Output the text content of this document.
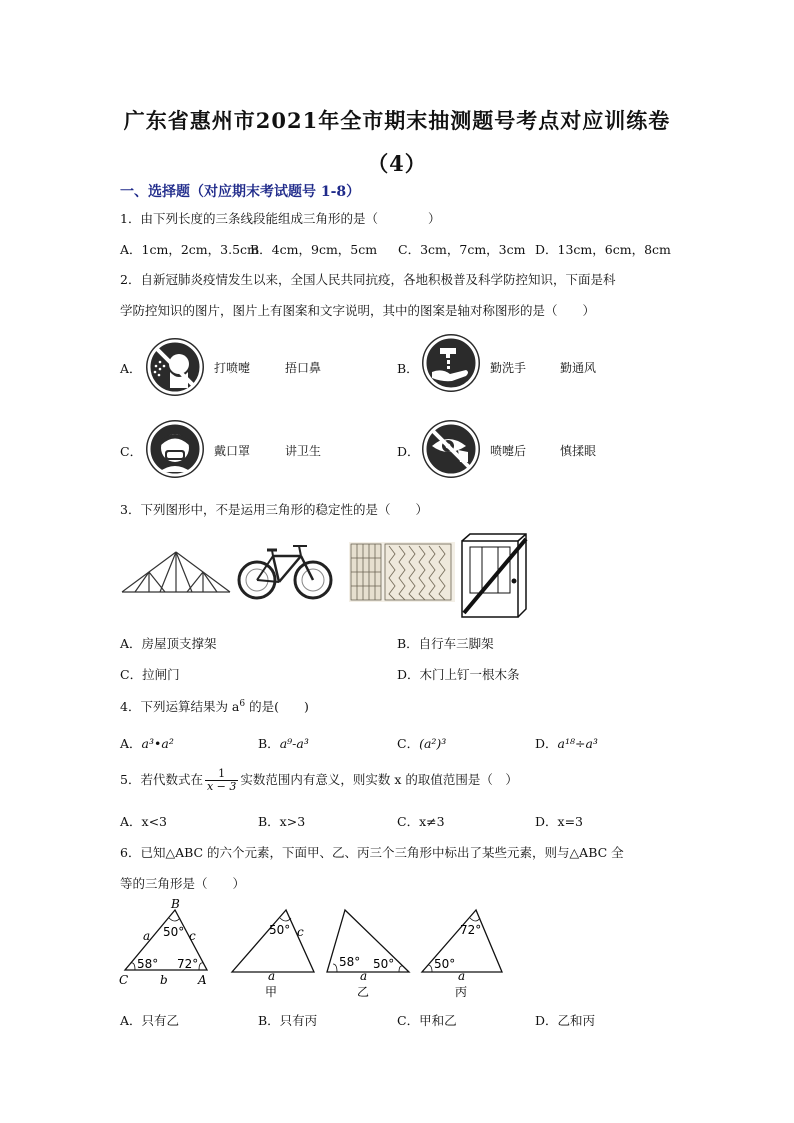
广东省惠州市2021年全市期末抽测题号考点对应训练卷
（4）
一、选择题（对应期末考试题号 1-8）
1．由下列长度的三条线段能组成三角形的是（　　　　）
A．1cm，2cm，3.5cm
B．4cm，9cm，5cm C．3cm，7cm，3cm D．13cm，6cm，8cm
2．自新冠肺炎疫情发生以来，全国人民共同抗疫，各地积极普及科学防控知识，下面是科
学防控知识的图片，图片上有图案和文字说明，其中的图案是轴对称图形的是（　　）
A．	打喷嚏	捂口鼻	B．	勤洗手	勤通风
C．	戴口罩	讲卫生	D．	喷嚏后	慎揉眼
3．下列图形中，不是运用三角形的稳定性的是（　　）
A．房屋顶支撑架	B．自行车三脚架
C．拉闸门	D．木门上钉一根木条
4．下列运算结果为 $a^6$ 的是(　　)
A．a³•a²	B．a⁹-a³	C．(a²)³	D．a¹⁸÷a³
5．若代数式在 $\frac{1}{x - 3}$ 实数范围内有意义，则实数 x 的取值范围是（　）
A．x<3	B．x>3	C．x≠3	D．x=3
6．已知△ABC 的六个元素，下面甲、乙、丙三个三角形中标出了某些元素，则与△ABC 全
等的三角形是（　　）
B
C	A
a
b
c
50°
58° 72°
50° c
a
甲
58° 50°
a
乙
72°
50°
a
丙
A．只有乙	B．只有丙	C．甲和乙	D．乙和丙
